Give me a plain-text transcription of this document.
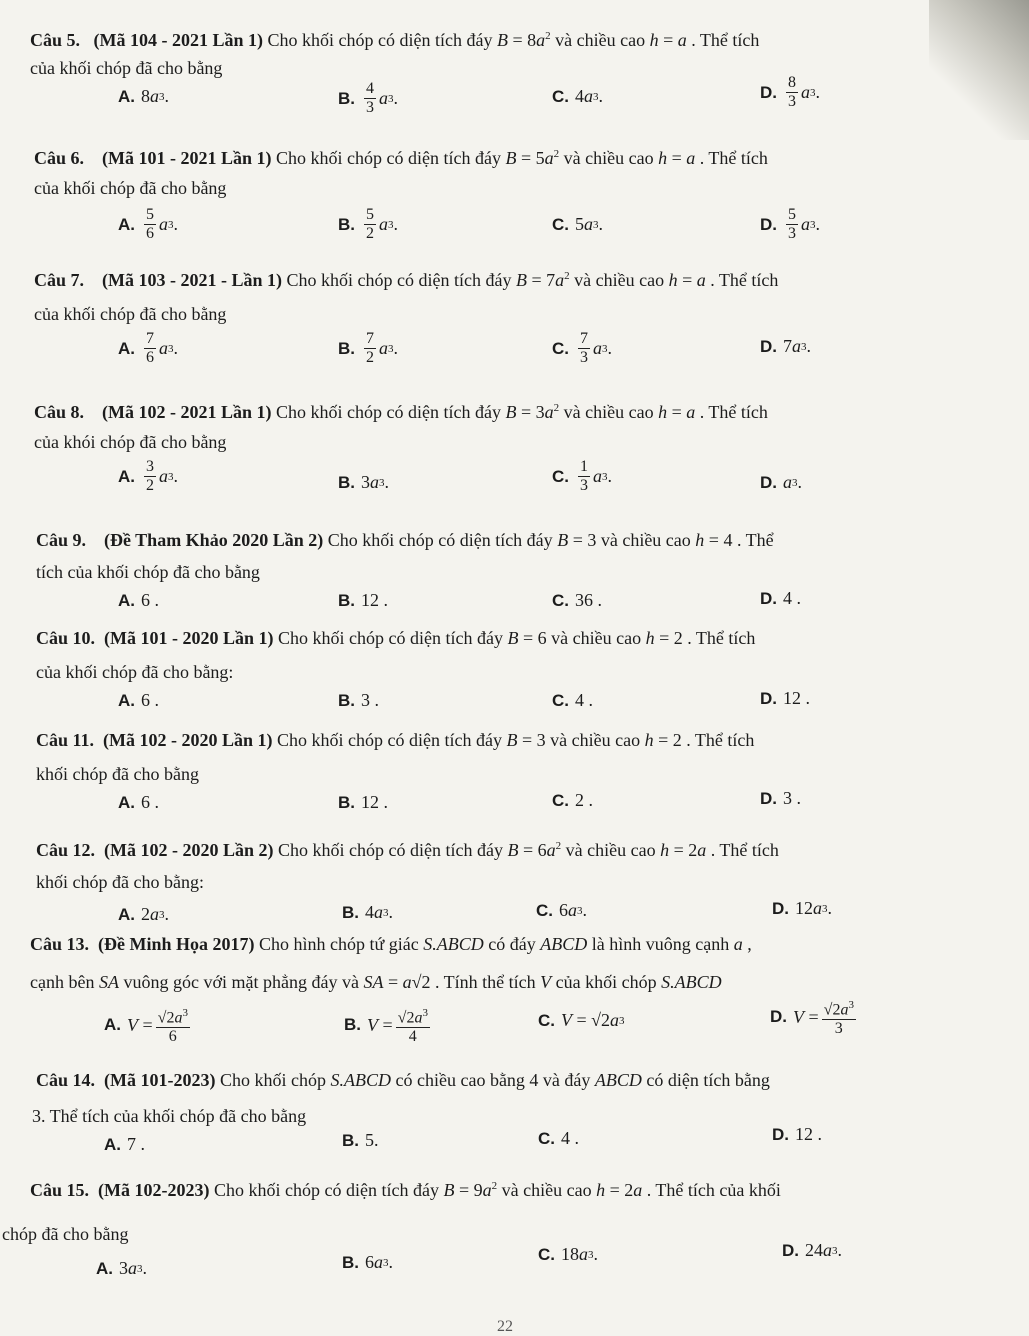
Câu 5. (Mã 104 - 2021 Lần 1) Cho khối chóp có diện tích đáy $B = 8a^2$ và chiều cao h = a . Thể tích
của khối chóp đã cho bằng
A. 8 a 3 .	B. $\frac{4}{3}$ a 3 .	C. 4 a 3 .	D. $\frac{8}{3}$ a 3 .
Câu 6. (Mã 101 - 2021 Lần 1) Cho khối chóp có diện tích đáy $B = 5a^2$ và chiều cao h = a . Thể tích
của khối chóp đã cho bằng
A. $\frac{5}{6}$ a 3 .	B. $\frac{5}{2}$ a 3 .	C. 5 a 3 .	D. $\frac{5}{3}$ a 3 .
Câu 7. (Mã 103 - 2021 - Lần 1) Cho khối chóp có diện tích đáy $B = 7a^2$ và chiều cao h = a . Thể tích
của khối chóp đã cho bằng
A. $\frac{7}{6}$ a 3 .	B. $\frac{7}{2}$ a 3 .	C. $\frac{7}{3}$ a 3 .	D. 7 a 3 .
Câu 8. (Mã 102 - 2021 Lần 1) Cho khối chóp có diện tích đáy $B = 3a^2$ và chiều cao h = a . Thể tích
của khói chóp đã cho bằng
A. $\frac{3}{2}$ a 3 .	B. 3 a 3 .	C. $\frac{1}{3}$ a 3 .	D. a 3 .
Câu 9. (Đề Tham Khảo 2020 Lần 2) Cho khối chóp có diện tích đáy B = 3 và chiều cao h = 4 . Thể
tích của khối chóp đã cho bằng
A. 6 .	B. 12 .	C. 36 .	D. 4 .
Câu 10. (Mã 101 - 2020 Lần 1) Cho khối chóp có diện tích đáy B = 6 và chiều cao h = 2 . Thể tích
của khối chóp đã cho bằng:
A. 6 .	B. 3 .	C. 4 .	D. 12 .
Câu 11. (Mã 102 - 2020 Lần 1) Cho khối chóp có diện tích đáy B = 3 và chiều cao h = 2 . Thể tích
khối chóp đã cho bằng
A. 6 .	B. 12 .	C. 2 .	D. 3 .
Câu 12. (Mã 102 - 2020 Lần 2) Cho khối chóp có diện tích đáy $B = 6a^2$ và chiều cao h = 2a . Thể tích
khối chóp đã cho bằng:
A. 2 a 3 .	B. 4 a 3 .	C. 6 a 3 .	D. 12 a 3 .
Câu 13. (Đề Minh Họa 2017) Cho hình chóp tứ giác S.ABCD có đáy ABCD là hình vuông cạnh a ,
cạnh bên SA vuông góc với mặt phẳng đáy và SA = a√2 . Tính thể tích V của khối chóp S.ABCD
A. $V = \frac{√2a^3}{6}$	B. $V = \frac{√2a^3}{4}$	C. V = √2 a 3	D. $V = \frac{√2a^3}{3}$
Câu 14. (Mã 101-2023) Cho khối chóp S.ABCD có chiều cao bằng 4 và đáy ABCD có diện tích bằng
3. Thể tích của khối chóp đã cho bằng
A. 7 .	B. 5.	C. 4 .	D. 12 .
Câu 15. (Mã 102-2023) Cho khối chóp có diện tích đáy $B = 9a^2$ và chiều cao h = 2a . Thể tích của khối
chóp đã cho bằng
A. 3 a 3 .	B. 6 a 3 .	C. 18 a 3 .	D. 24 a 3 .
22
